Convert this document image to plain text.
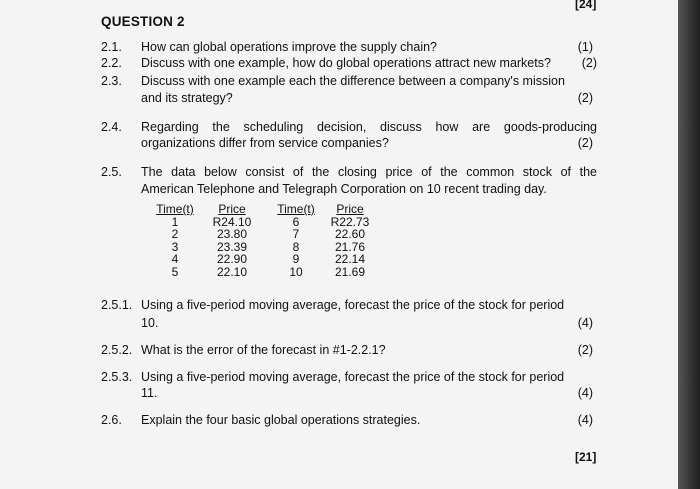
[24]
QUESTION 2
2.1. How can global operations improve the supply chain?	(1)
2.2. Discuss with one example, how do global operations attract new markets?	(2)
2.3. Discuss with one example each the difference between a company's mission
and its strategy?	(2)
2.4. Regarding the scheduling decision, discuss how are goods-producing
organizations differ from service companies?	(2)
2.5. The data below consist of the closing price of the common stock of the
American Telephone and Telegraph Corporation on 10 recent trading day.
Time(t)	Price	Time(t)	Price
1	R24.10	6	R22.73
2	23.80	7	22.60
3	23.39	8	21.76
4	22.90	9	22.14
5	22.10	10	21.69
2.5.1. Using a five-period moving average, forecast the price of the stock for period
10.	(4)
2.5.2. What is the error of the forecast in #1-2.2.1?	(2)
2.5.3. Using a five-period moving average, forecast the price of the stock for period
11.	(4)
2.6. Explain the four basic global operations strategies.	(4)
[21]
